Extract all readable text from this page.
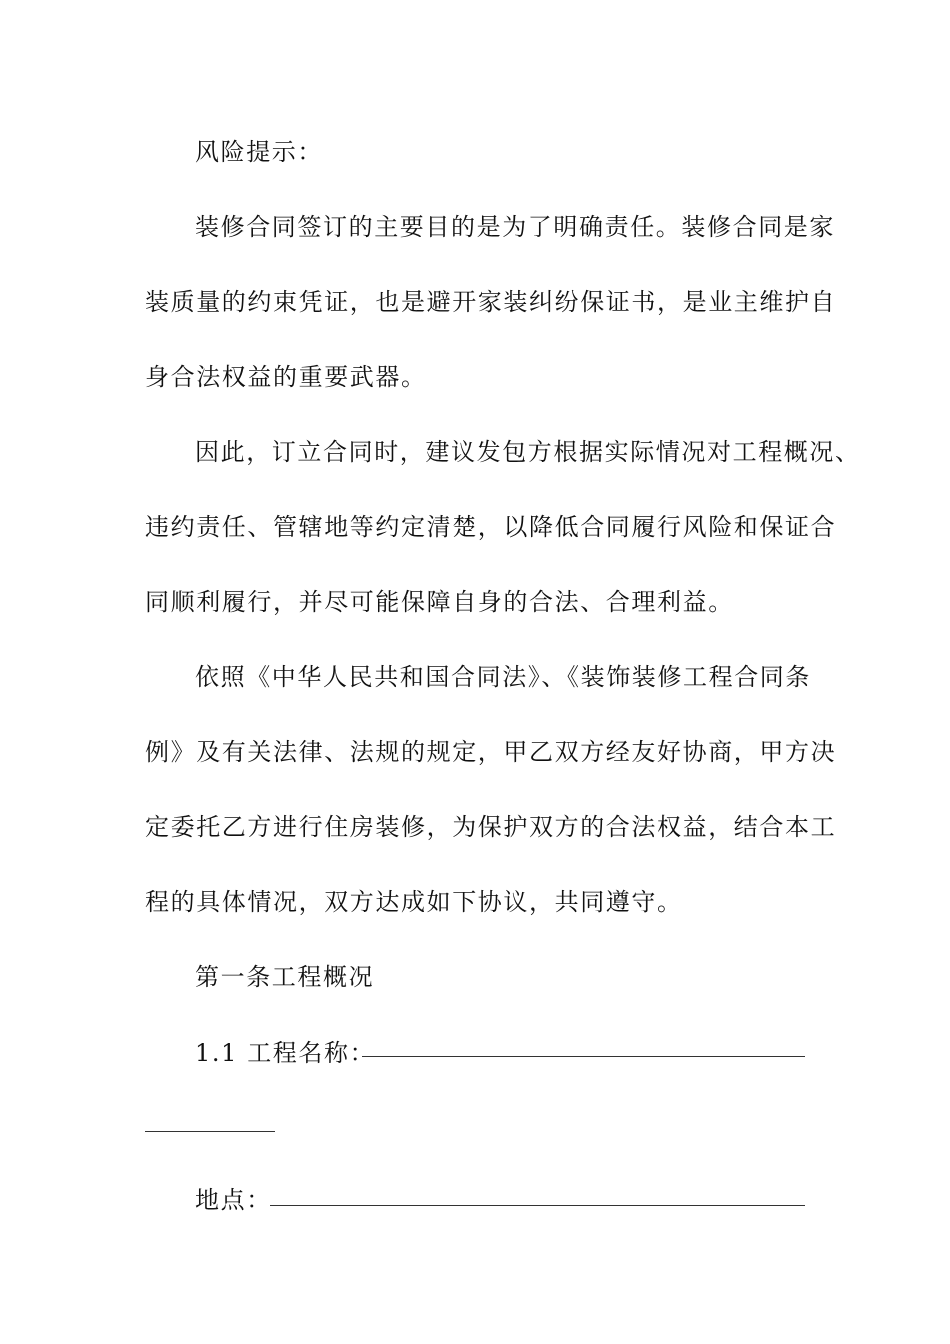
风险提示：
装修合同签订的主要目的是为了明确责任。装修合同是家
装质量的约束凭证，也是避开家装纠纷保证书，是业主维护自
身合法权益的重要武器。
因此，订立合同时，建议发包方根据实际情况对工程概况、
违约责任、管辖地等约定清楚，以降低合同履行风险和保证合
同顺利履行，并尽可能保障自身的合法、合理利益。
依照《中华人民共和国合同法》、《装饰装修工程合同条
例》及有关法律、法规的规定，甲乙双方经友好协商，甲方决
定委托乙方进行住房装修，为保护双方的合法权益，结合本工
程的具体情况，双方达成如下协议，共同遵守。
第一条工程概况
1.1 工程名称：
地点：
